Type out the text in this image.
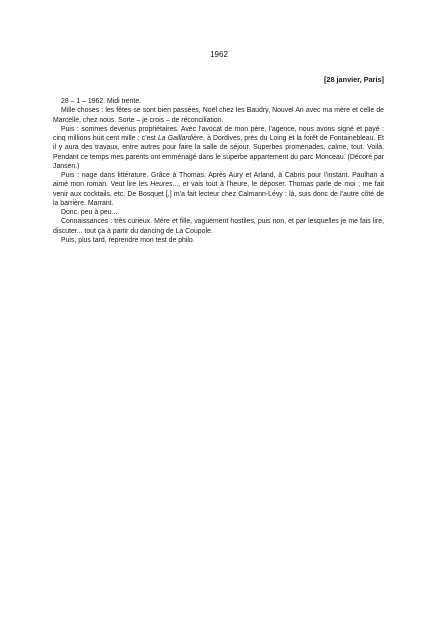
1962
[28 janvier, Paris]

28 – 1 – 1962. Midi trente.

Mille choses : les fêtes se sont bien passées, Noël chez les Baudry, Nouvel An avec ma mère et celle de Marcelle, chez nous. Sorte – je crois – de réconciliation.

Puis : sommes devenus propriétaires. Avec l’avocat de mon père, l’agence, nous avons signé et payé : cinq millions huit cent mille : c’est La Gaillardière, à Dordives, près du Loing et la forêt de Fontainebleau. Et il y aura des travaux, entre autres pour faire la salle de séjour. Superbes promenades, calme, tout. Voilà. Pendant ce temps mes parents ont emménagé dans le superbe appartement du parc Monceau. (Décoré par Jansen.)

Puis : nage dans littérature. Grâce à Thomas. Après Aury et Arland, à Cabris pour l’instant. Paulhan a aimé mon roman. Veut lire les Heures..., et vais tout à l’heure, le déposer. Thomas parle de moi ; me fait venir aux cocktails, etc. De Bosquet [,] m’a fait lecteur chez Calmann-Lévy : là, suis donc de l’autre côté de la barrière. Marrant.

Donc, peu à peu...

Connaissances : très curieux. Mère et fille, vaguement hostiles, puis non, et par lesquelles je me fais lire, discuter... tout ça à partir du dancing de La Coupole.

Puis, plus tard, reprendre mon test de philo.
